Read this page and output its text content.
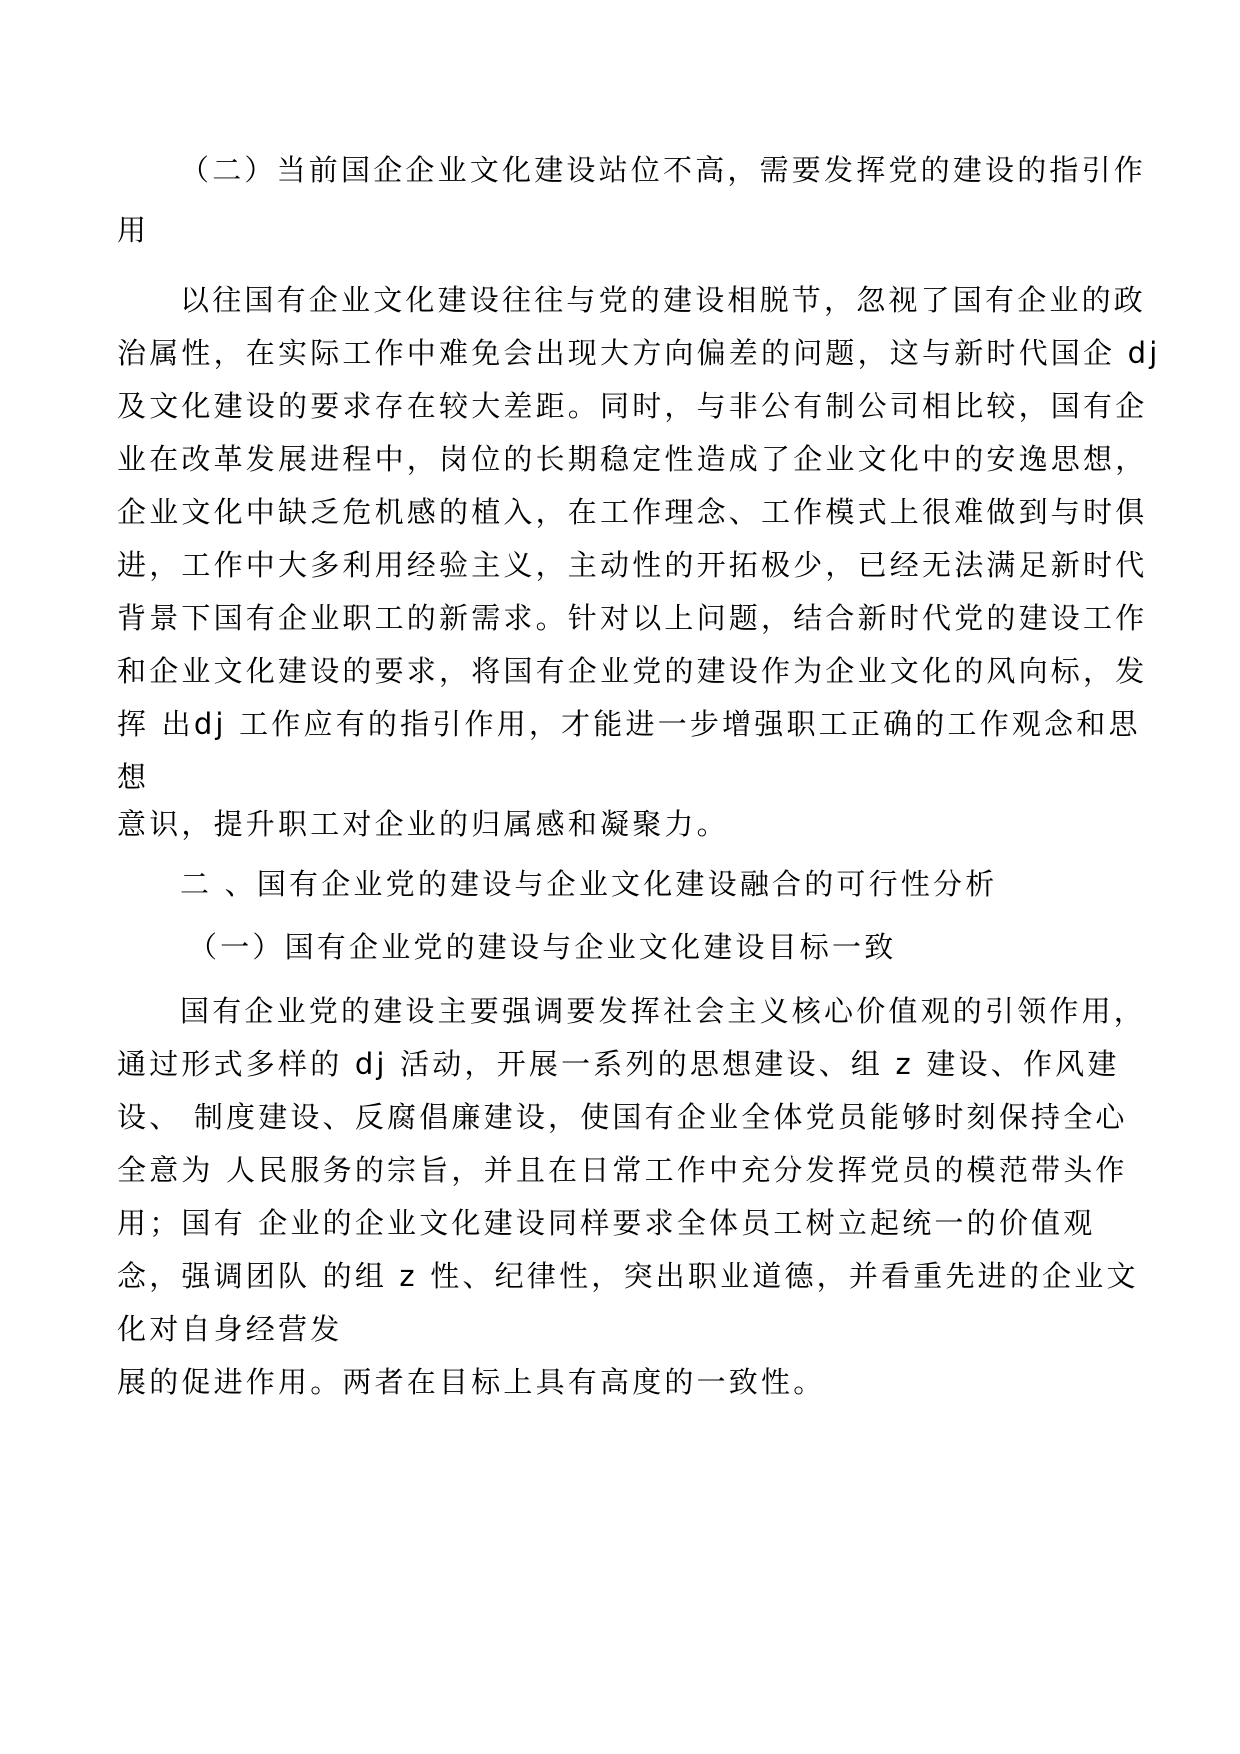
（二）当前国企企业文化建设站位不高，需要发挥党的建设的指引作
用
以往国有企业文化建设往往与党的建设相脱节，忽视了国有企业的政
治属性，在实际工作中难免会出现大方向偏差的问题，这与新时代国企 dj
及文化建设的要求存在较大差距。同时，与非公有制公司相比较，国有企
业在改革发展进程中，岗位的长期稳定性造成了企业文化中的安逸思想，
企业文化中缺乏危机感的植入，在工作理念、工作模式上很难做到与时俱
进，工作中大多利用经验主义，主动性的开拓极少，已经无法满足新时代
背景下国有企业职工的新需求。针对以上问题，结合新时代党的建设工作
和企业文化建设的要求，将国有企业党的建设作为企业文化的风向标，发
挥 出dj 工作应有的指引作用，才能进一步增强职工正确的工作观念和思
想
意识，提升职工对企业的归属感和凝聚力。
二 、国有企业党的建设与企业文化建设融合的可行性分析
（一）国有企业党的建设与企业文化建设目标一致
国有企业党的建设主要强调要发挥社会主义核心价值观的引领作用，
通过形式多样的 dj 活动，开展一系列的思想建设、组 z 建设、作风建
设、 制度建设、反腐倡廉建设，使国有企业全体党员能够时刻保持全心
全意为 人民服务的宗旨，并且在日常工作中充分发挥党员的模范带头作
用；国有 企业的企业文化建设同样要求全体员工树立起统一的价值观
念，强调团队 的组 z 性、纪律性，突出职业道德，并看重先进的企业文
化对自身经营发
展的促进作用。两者在目标上具有高度的一致性。
